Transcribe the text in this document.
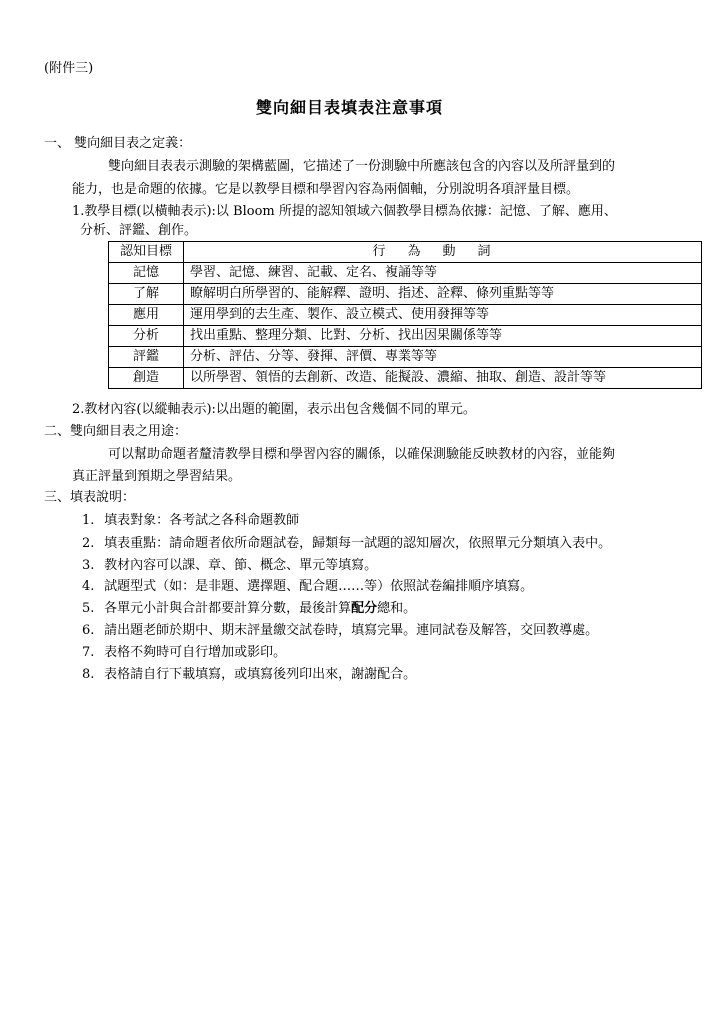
(附件三)
雙向細目表填表注意事項
一、 雙向細目表之定義：
雙向細目表表示測驗的架構藍圖，它描述了一份測驗中所應該包含的內容以及所評量到的
能力，也是命題的依據。它是以教學目標和學習內容為兩個軸，分別說明各項評量目標。
1.教學目標(以橫軸表示):以 Bloom 所提的認知領域六個教學目標為依據：記憶、了解、應用、
分析、評鑑、創作。
認知目標	行為動詞
記憶	學習、記憶、練習、記載、定名、複誦等等
了解	瞭解明白所學習的、能解釋、證明、指述、詮釋、條列重點等等
應用	運用學到的去生產、製作、設立模式、使用發揮等等
分析	找出重點、整理分類、比對、分析、找出因果關係等等
評鑑	分析、評估、分等、發揮、評價、專業等等
創造	以所學習、領悟的去創新、改造、能擬設、濃縮、抽取、創造、設計等等
2.教材內容(以縱軸表示):以出題的範圍，表示出包含幾個不同的單元。
二、雙向細目表之用途：
可以幫助命題者釐清教學目標和學習內容的關係，以確保測驗能反映教材的內容，並能夠
真正評量到預期之學習結果。
三、填表說明：
1. 填表對象：各考試之各科命題教師
2. 填表重點：請命題者依所命題試卷，歸類每一試題的認知層次，依照單元分類填入表中。
3. 教材內容可以課、章、節、概念、單元等填寫。
4. 試題型式（如：是非題、選擇題、配合題……等）依照試卷編排順序填寫。
5. 各單元小計與合計都要計算分數，最後計算配分總和。
6. 請出題老師於期中、期末評量繳交試卷時，填寫完畢。連同試卷及解答，交回教導處。
7. 表格不夠時可自行增加或影印。
8. 表格請自行下載填寫，或填寫後列印出來，謝謝配合。
